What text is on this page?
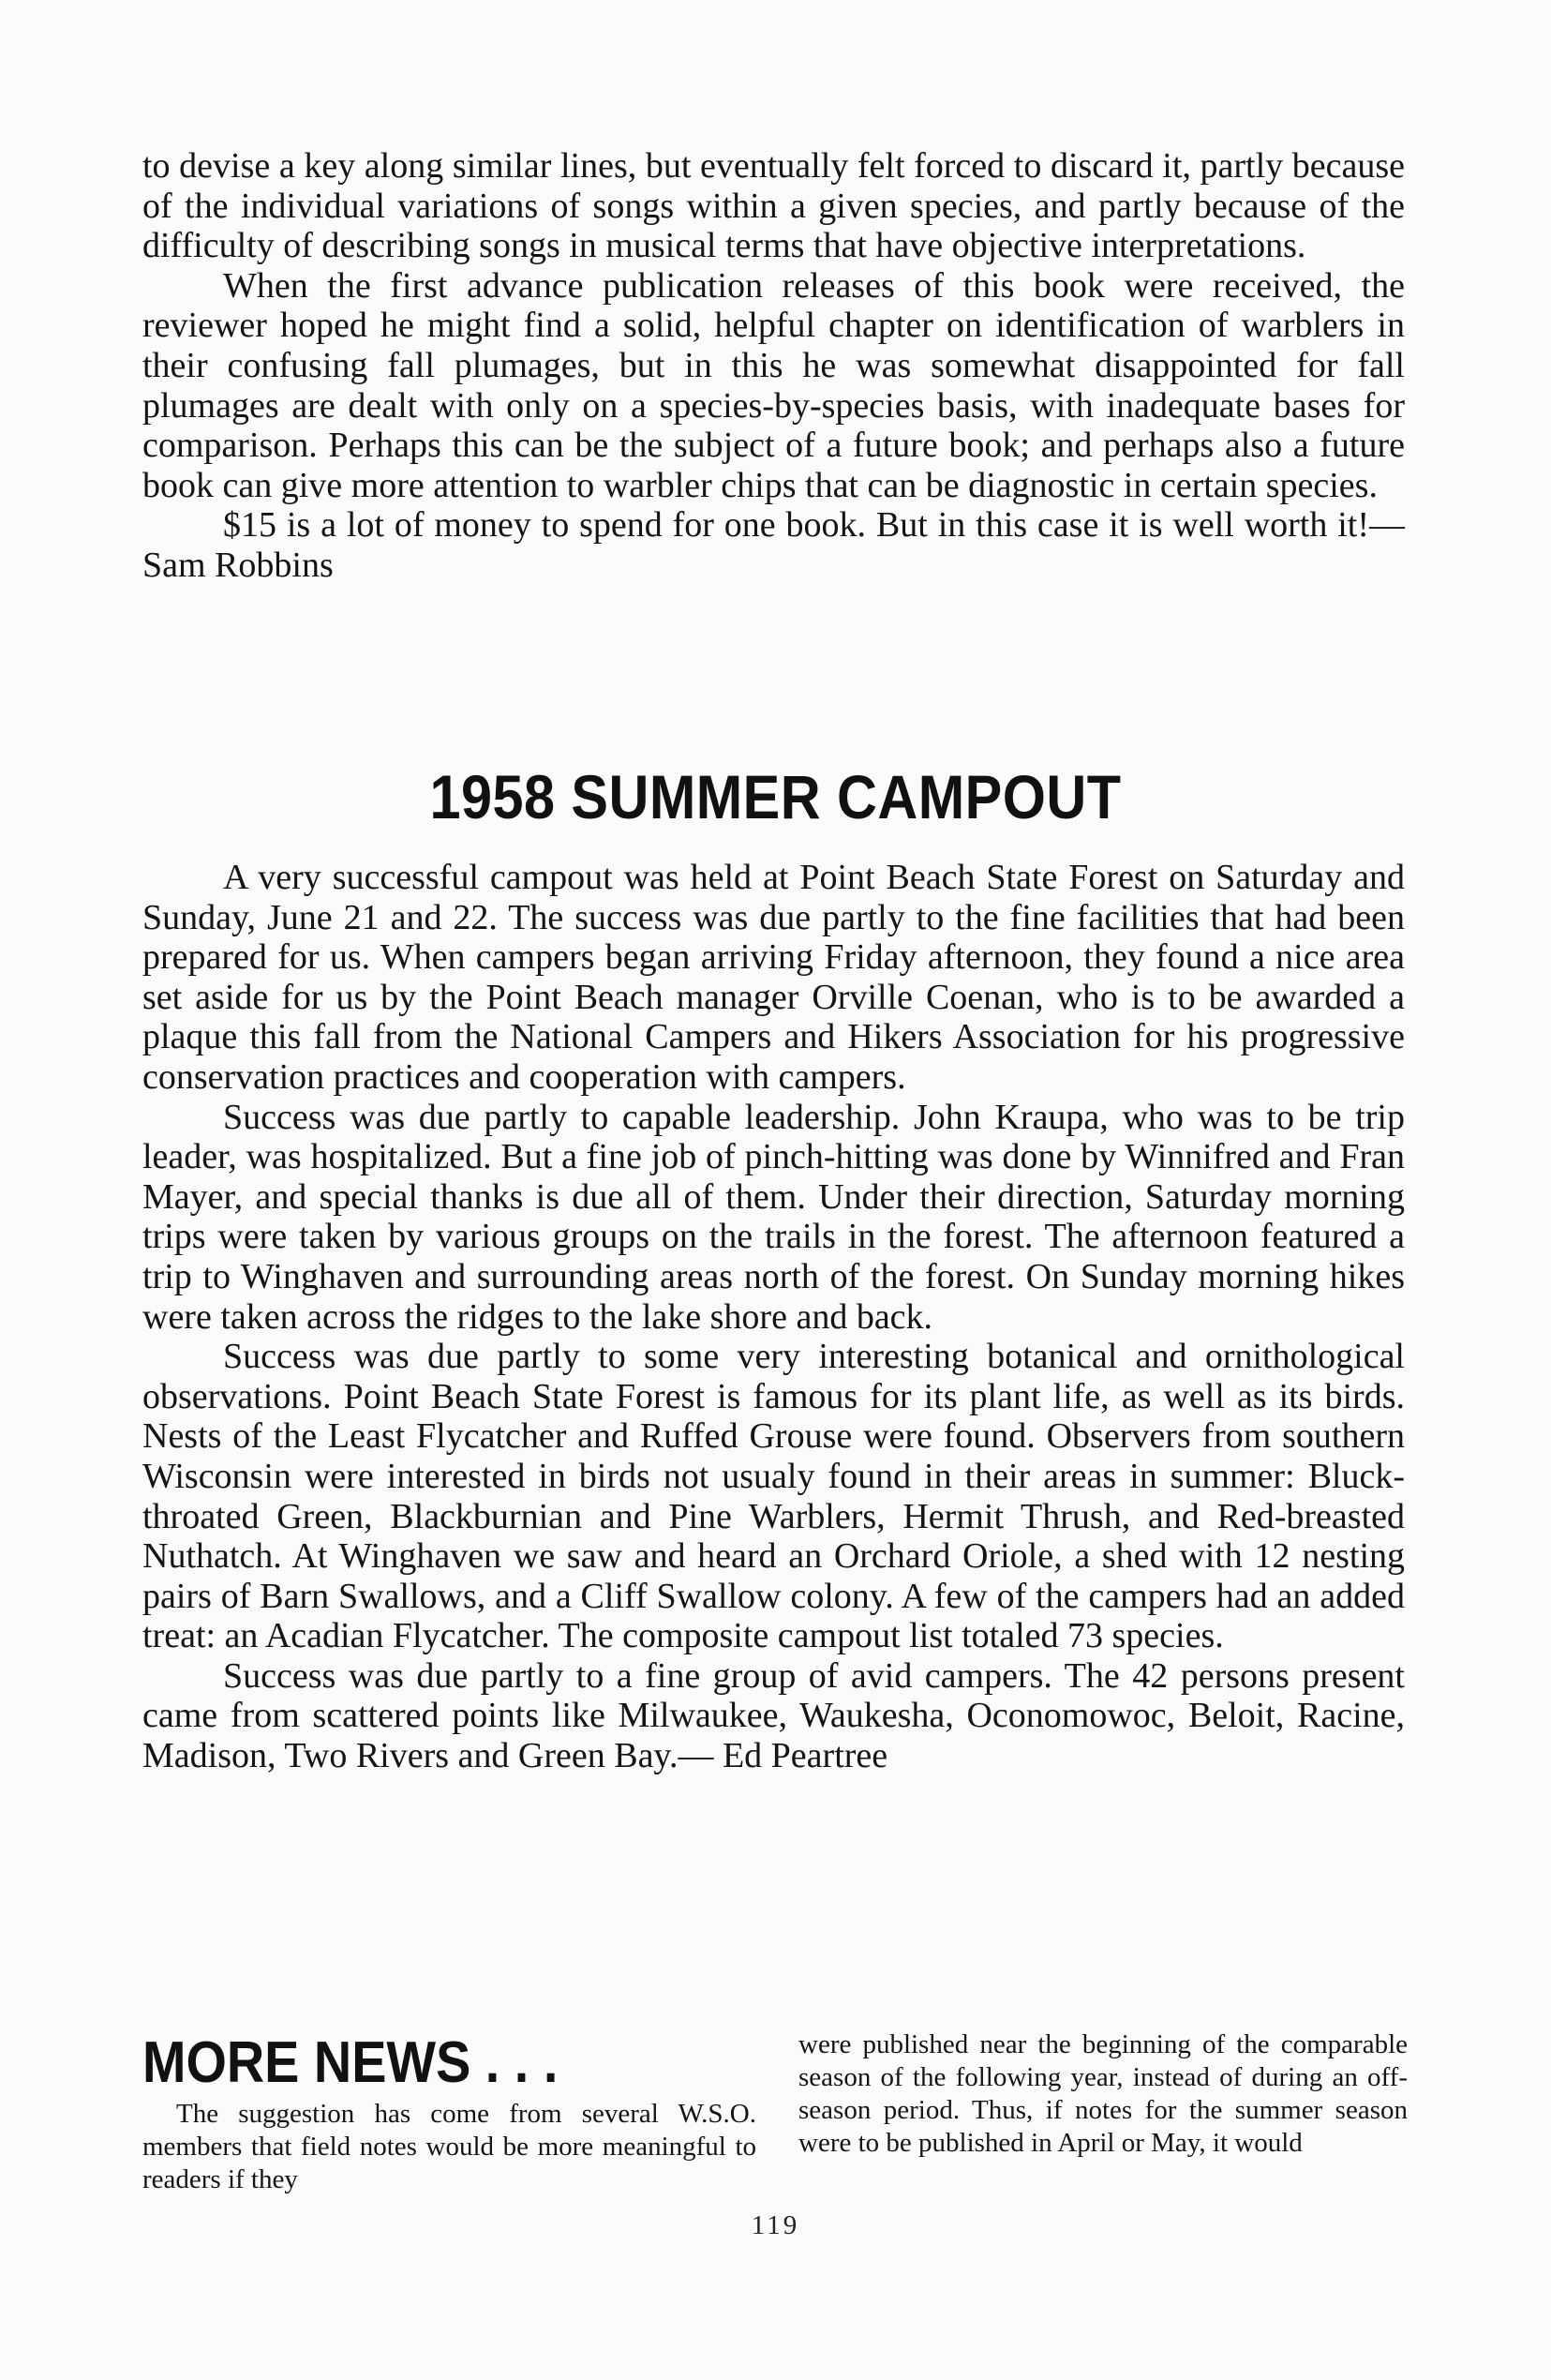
to devise a key along similar lines, but eventually felt forced to discard it, partly because of the individual variations of songs within a given species, and partly because of the difficulty of describing songs in musical terms that have objective interpretations.

When the first advance publication releases of this book were received, the reviewer hoped he might find a solid, helpful chapter on identification of warblers in their confusing fall plumages, but in this he was somewhat disappointed for fall plumages are dealt with only on a species-by-species basis, with inadequate bases for comparison. Perhaps this can be the subject of a future book; and perhaps also a future book can give more attention to warbler chips that can be diagnostic in certain species.

$15 is a lot of money to spend for one book. But in this case it is well worth it!—Sam Robbins

1958 SUMMER CAMPOUT

A very successful campout was held at Point Beach State Forest on Saturday and Sunday, June 21 and 22. The success was due partly to the fine facilities that had been prepared for us. When campers began arriving Friday afternoon, they found a nice area set aside for us by the Point Beach manager Orville Coenan, who is to be awarded a plaque this fall from the National Campers and Hikers Association for his progressive conservation practices and cooperation with campers.

Success was due partly to capable leadership. John Kraupa, who was to be trip leader, was hospitalized. But a fine job of pinch-hitting was done by Winnifred and Fran Mayer, and special thanks is due all of them. Under their direction, Saturday morning trips were taken by various groups on the trails in the forest. The afternoon featured a trip to Winghaven and surrounding areas north of the forest. On Sunday morning hikes were taken across the ridges to the lake shore and back.

Success was due partly to some very interesting botanical and ornithological observations. Point Beach State Forest is famous for its plant life, as well as its birds. Nests of the Least Flycatcher and Ruffed Grouse were found. Observers from southern Wisconsin were interested in birds not usualy found in their areas in summer: Bluck-throated Green, Blackburnian and Pine Warblers, Hermit Thrush, and Red-breasted Nuthatch. At Winghaven we saw and heard an Orchard Oriole, a shed with 12 nesting pairs of Barn Swallows, and a Cliff Swallow colony. A few of the campers had an added treat: an Acadian Flycatcher. The composite campout list totaled 73 species.

Success was due partly to a fine group of avid campers. The 42 persons present came from scattered points like Milwaukee, Waukesha, Oconomowoc, Beloit, Racine, Madison, Two Rivers and Green Bay.— Ed Peartree

MORE NEWS . . .

The suggestion has come from several W.S.O. members that field notes would be more meaningful to readers if they

were published near the beginning of the comparable season of the following year, instead of during an off-season period. Thus, if notes for the summer season were to be published in April or May, it would

119
